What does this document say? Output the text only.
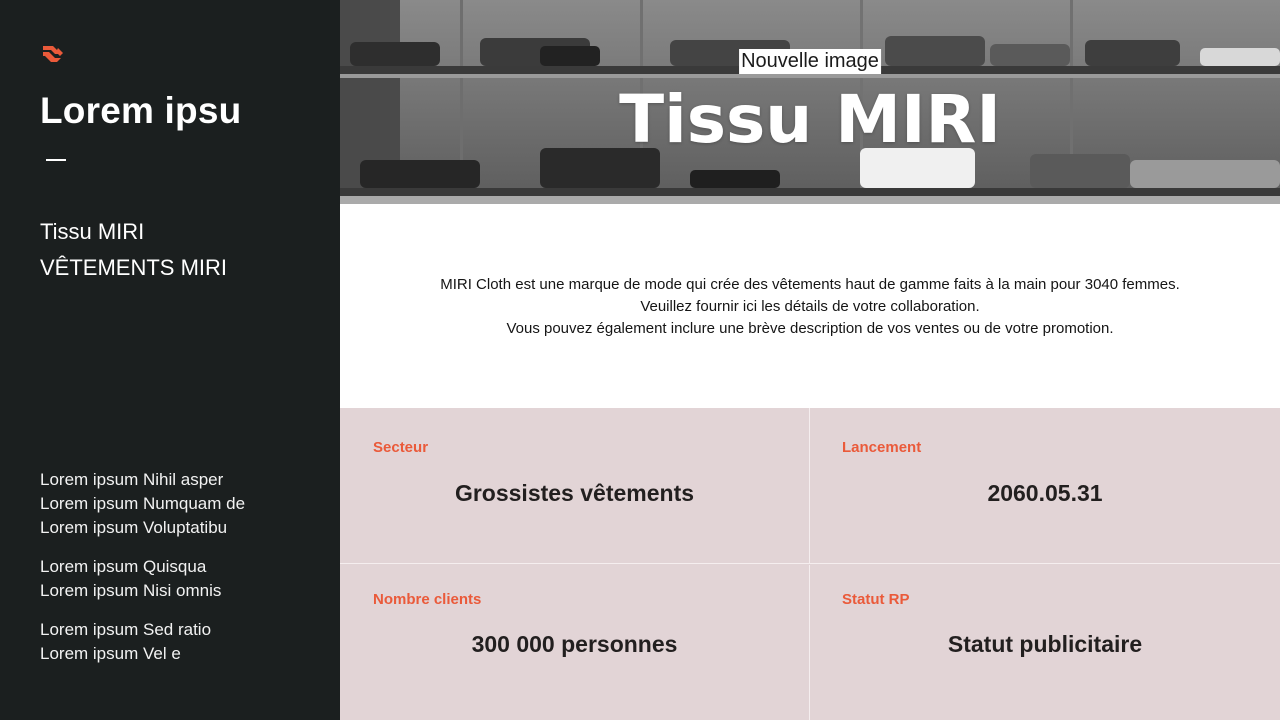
Lorem ipsu
Tissu MIRI
VÊTEMENTS MIRI
Lorem ipsum Nihil asper
Lorem ipsum Numquam de
Lorem ipsum Voluptatibu
Lorem ipsum Quisqua
Lorem ipsum Nisi omnis
Lorem ipsum Sed ratio
Lorem ipsum Vel e
Nouvelle image
Tissu MIRI
MIRI Cloth est une marque de mode qui crée des vêtements haut de gamme faits à la main pour 3040 femmes.
Veuillez fournir ici les détails de votre collaboration.
Vous pouvez également inclure une brève description de vos ventes ou de votre promotion.
Secteur
Grossistes vêtements
Lancement
2060.05.31
Nombre clients
300 000 personnes
Statut RP
Statut publicitaire
